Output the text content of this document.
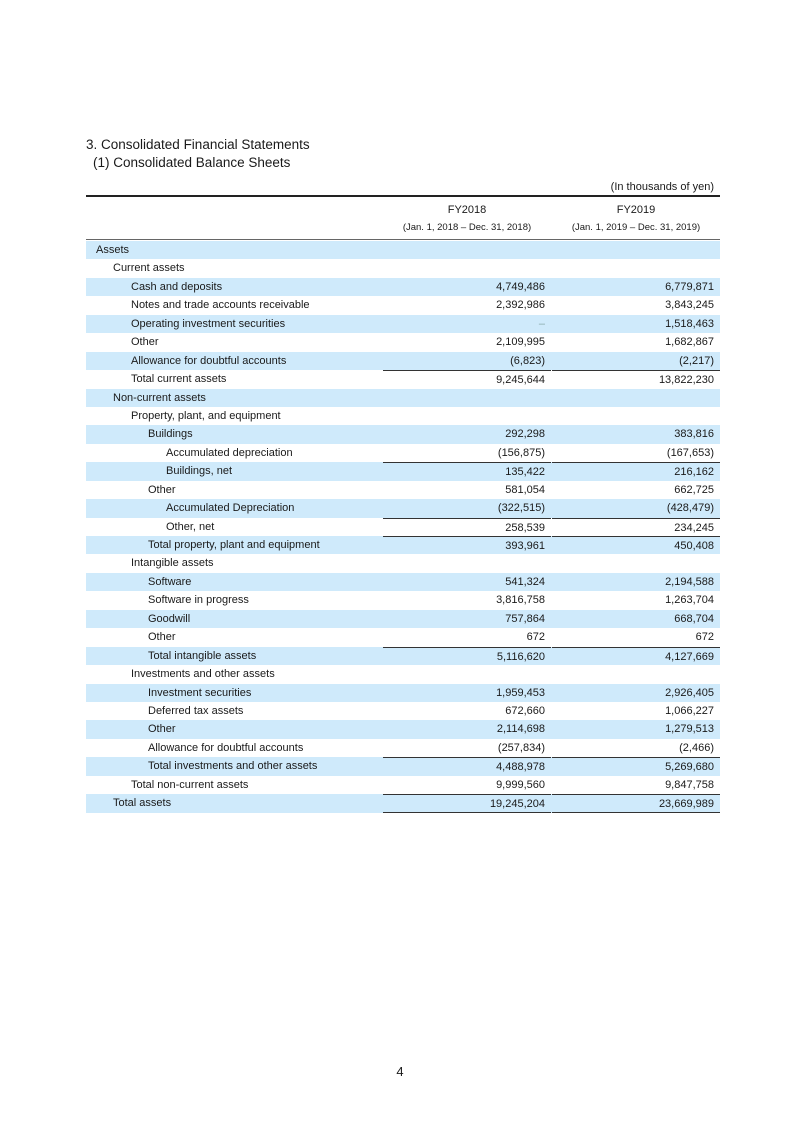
3. Consolidated Financial Statements
(1) Consolidated Balance Sheets
(In thousands of yen)
FY2018
(Jan. 1, 2018 – Dec. 31, 2018)
FY2019
(Jan. 1, 2019 – Dec. 31, 2019)
Assets
Current assets
Cash and deposits	4,749,486	6,779,871
Notes and trade accounts receivable	2,392,986	3,843,245
Operating investment securities	–	1,518,463
Other	2,109,995	1,682,867
Allowance for doubtful accounts	(6,823)	(2,217)
Total current assets	9,245,644	13,822,230
Non-current assets
Property, plant, and equipment
Buildings	292,298	383,816
Accumulated depreciation	(156,875)	(167,653)
Buildings, net	135,422	216,162
Other	581,054	662,725
Accumulated Depreciation	(322,515)	(428,479)
Other, net	258,539	234,245
Total property, plant and equipment	393,961	450,408
Intangible assets
Software	541,324	2,194,588
Software in progress	3,816,758	1,263,704
Goodwill	757,864	668,704
Other	672	672
Total intangible assets	5,116,620	4,127,669
Investments and other assets
Investment securities	1,959,453	2,926,405
Deferred tax assets	672,660	1,066,227
Other	2,114,698	1,279,513
Allowance for doubtful accounts	(257,834)	(2,466)
Total investments and other assets	4,488,978	5,269,680
Total non-current assets	9,999,560	9,847,758
Total assets	19,245,204	23,669,989
4
